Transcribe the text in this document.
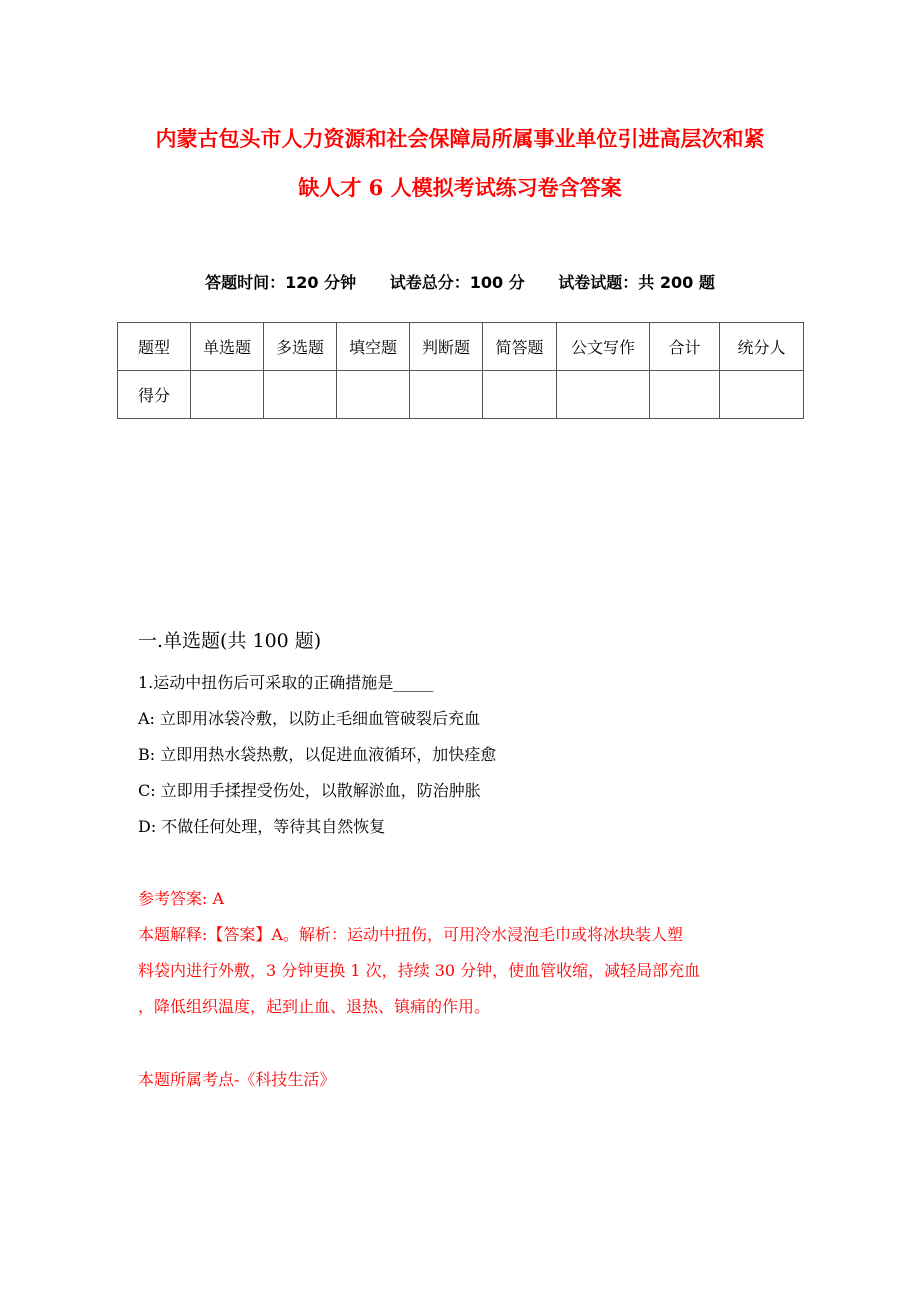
内蒙古包头市人力资源和社会保障局所属事业单位引进高层次和紧
缺人才 6 人模拟考试练习卷含答案
答题时间：120 分钟 试卷总分：100 分 试卷试题：共 200 题
题型	单选题	多选题	填空题	判断题	简答题	公文写作	合计	统分人
得分								
一.单选题(共 100 题)
1.运动中扭伤后可采取的正确措施是_____
A: 立即用冰袋冷敷，以防止毛细血管破裂后充血
B: 立即用热水袋热敷，以促进血液循环，加快痊愈
C: 立即用手揉捏受伤处，以散解淤血，防治肿胀
D: 不做任何处理，等待其自然恢复
参考答案: A
本题解释:【答案】A。解析：运动中扭伤，可用冷水浸泡毛巾或将冰块装人塑
料袋内进行外敷，3 分钟更换 1 次，持续 30 分钟，使血管收缩，减轻局部充血
，降低组织温度，起到止血、退热、镇痛的作用。
本题所属考点-《科技生活》
